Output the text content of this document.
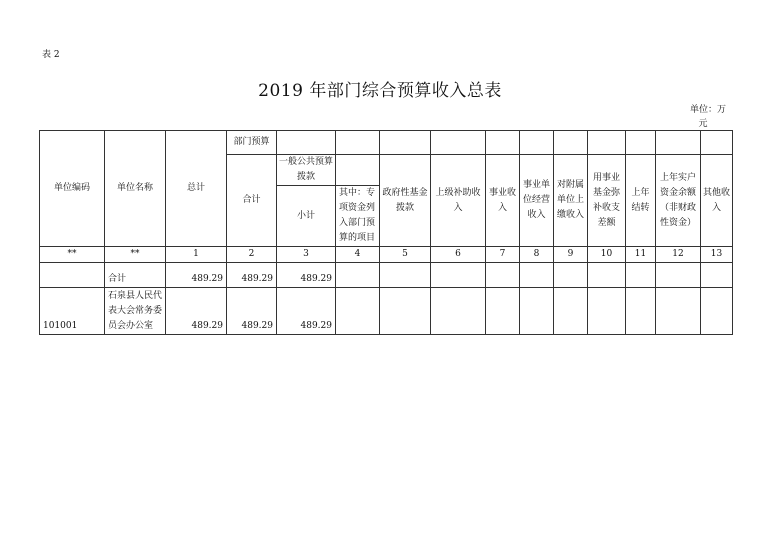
表 2
2019 年部门综合预算收入总表
单位：万
元
单位编码	单位名称	总计	部门预算											
			合计	一般公共预算拨款		政府性基金拨款	上级补助收入	事业收入	事业单位经营收入	对附属单位上缴收入	用事业基金弥补收支差额	上年结转	上年实户资金余额（非财政性资金）	其他收入
				小计	其中：专项资金列入部门预算的项目									
**	**	1	2	3	4	5	6	7	8	9	10	11	12	13
	合计	489.29	489.29	489.29										
101001	石泉县人民代表大会常务委员会办公室	489.29	489.29	489.29										
